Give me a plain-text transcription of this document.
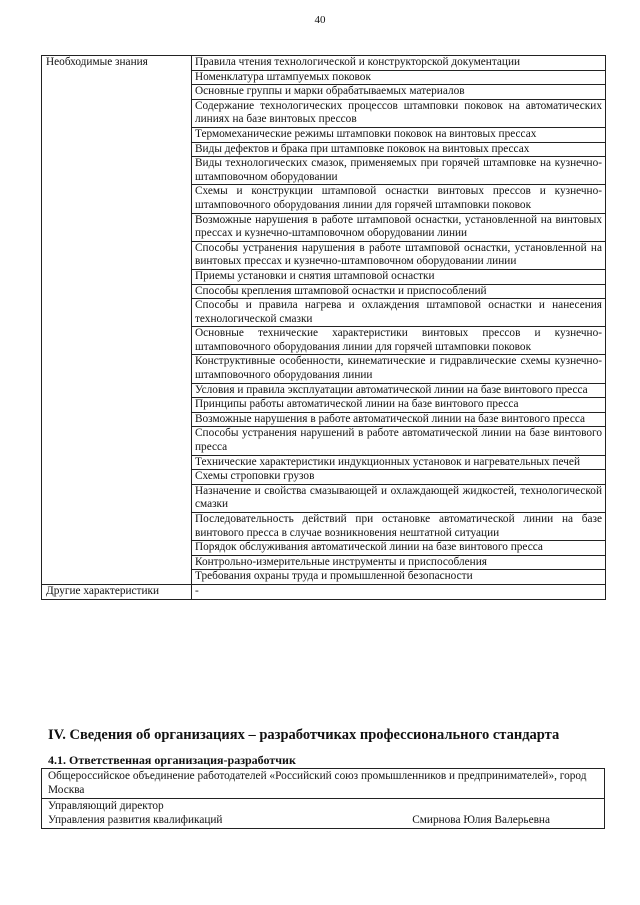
40
Необходимые знания	Правила чтения технологической и конструкторской документации
	Номенклатура штампуемых поковок
	Основные группы и марки обрабатываемых материалов
	Содержание технологических процессов штамповки поковок на автоматических линиях на базе винтовых прессов
	Термомеханические режимы штамповки поковок на винтовых прессах
	Виды дефектов и брака при штамповке поковок на винтовых прессах
	Виды технологических смазок, применяемых при горячей штамповке на кузнечно-штамповочном оборудовании
	Схемы и конструкции штамповой оснастки винтовых прессов и кузнечно-штамповочного оборудования линии для горячей штамповки поковок
	Возможные нарушения в работе штамповой оснастки, установленной на винтовых прессах и кузнечно-штамповочном оборудовании линии
	Способы устранения нарушения в работе штамповой оснастки, установленной на винтовых прессах и кузнечно-штамповочном оборудовании линии
	Приемы установки и снятия штамповой оснастки
	Способы крепления штамповой оснастки и приспособлений
	Способы и правила нагрева и охлаждения штамповой оснастки и нанесения технологической смазки
	Основные технические характеристики винтовых прессов и кузнечно-штамповочного оборудования линии для горячей штамповки поковок
	Конструктивные особенности, кинематические и гидравлические схемы кузнечно-штамповочного оборудования линии
	Условия и правила эксплуатации автоматической линии на базе винтового пресса
	Принципы работы автоматической линии на базе винтового пресса
	Возможные нарушения в работе автоматической линии на базе винтового пресса
	Способы устранения нарушений в работе автоматической линии на базе винтового пресса
	Технические характеристики индукционных установок и нагревательных печей
	Схемы строповки грузов
	Назначение и свойства смазывающей и охлаждающей жидкостей, технологической смазки
	Последовательность действий при остановке автоматической линии на базе винтового пресса в случае возникновения нештатной ситуации
	Порядок обслуживания автоматической линии на базе винтового пресса
	Контрольно-измерительные инструменты и приспособления
	Требования охраны труда и промышленной безопасности
Другие характеристики	-
IV. Сведения об организациях – разработчиках профессионального стандарта
4.1. Ответственная организация-разработчик
Общероссийское объединение работодателей «Российский союз промышленников и предпринимателей», город Москва

Управляющий директор
Управления развития квалификаций	Смирнова Юлия Валерьевна
